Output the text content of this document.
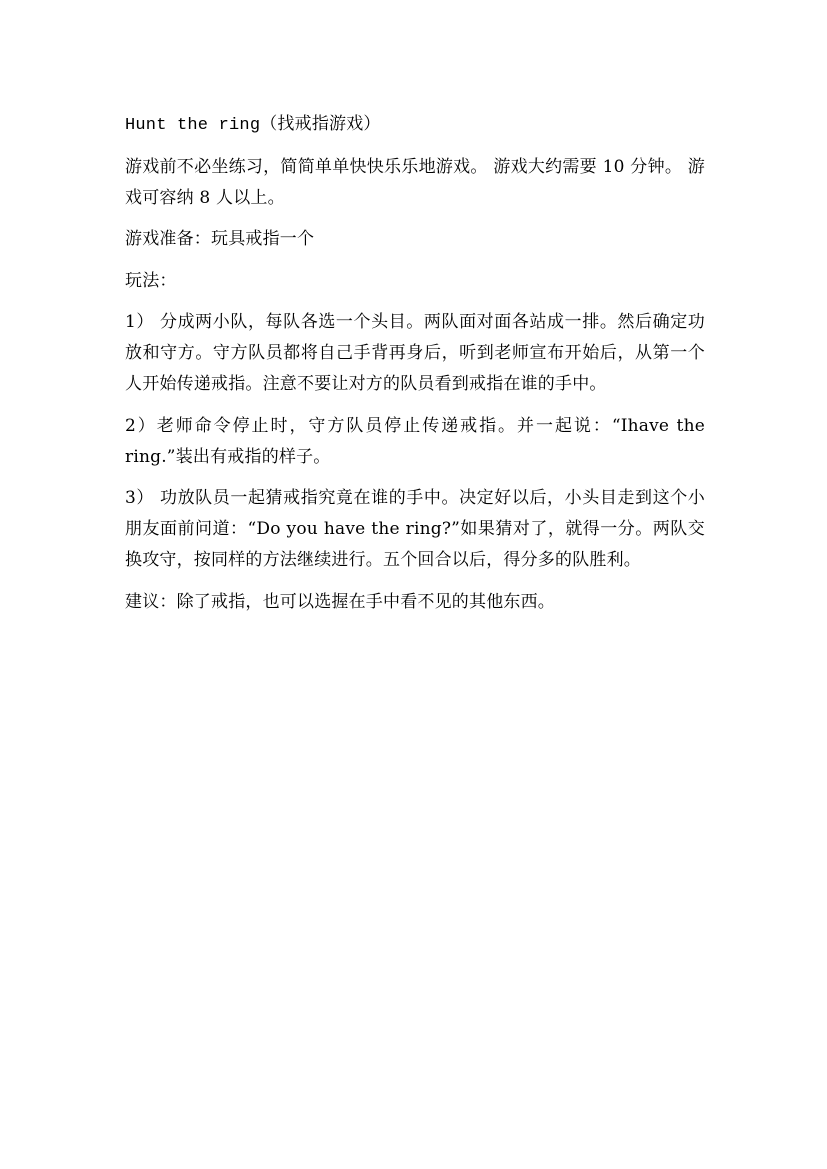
Hunt the ring（找戒指游戏）

游戏前不必坐练习，简简单单快快乐乐地游戏。 游戏大约需要 10 分钟。 游戏可容纳 8 人以上。

游戏准备：玩具戒指一个

玩法：

1） 分成两小队，每队各选一个头目。两队面对面各站成一排。然后确定功放和守方。守方队员都将自己手背再身后，听到老师宣布开始后，从第一个人开始传递戒指。注意不要让对方的队员看到戒指在谁的手中。

2）老师命令停止时，守方队员停止传递戒指。并一起说：“Ihave the ring.”装出有戒指的样子。

3） 功放队员一起猜戒指究竟在谁的手中。决定好以后，小头目走到这个小朋友面前问道：“Do you have the ring?”如果猜对了，就得一分。两队交换攻守，按同样的方法继续进行。五个回合以后，得分多的队胜利。

建议：除了戒指，也可以选握在手中看不见的其他东西。
